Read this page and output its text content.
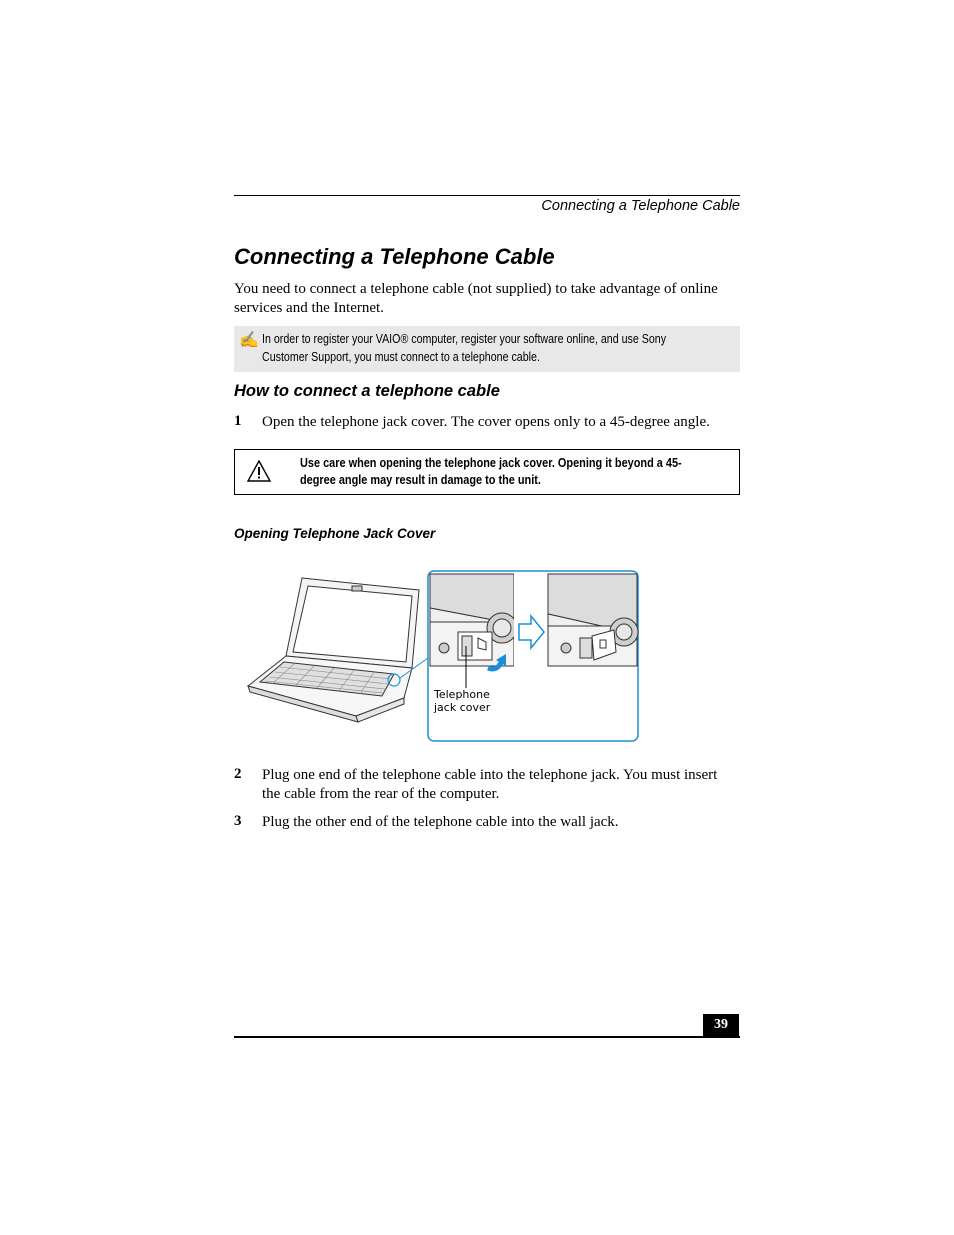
Connecting a Telephone Cable
Connecting a Telephone Cable
You need to connect a telephone cable (not supplied) to take advantage of online services and the Internet.
✍ In order to register your VAIO® computer, register your software online, and use Sony
Customer Support, you must connect to a telephone cable.
How to connect a telephone cable
1 Open the telephone jack cover. The cover opens only to a 45-degree angle.
Use care when opening the telephone jack cover. Opening it beyond a 45-
degree angle may result in damage to the unit.
Opening Telephone Jack Cover
Telephone
jack cover
2 Plug one end of the telephone cable into the telephone jack. You must insert
the cable from the rear of the computer.
3 Plug the other end of the telephone cable into the wall jack.
39
